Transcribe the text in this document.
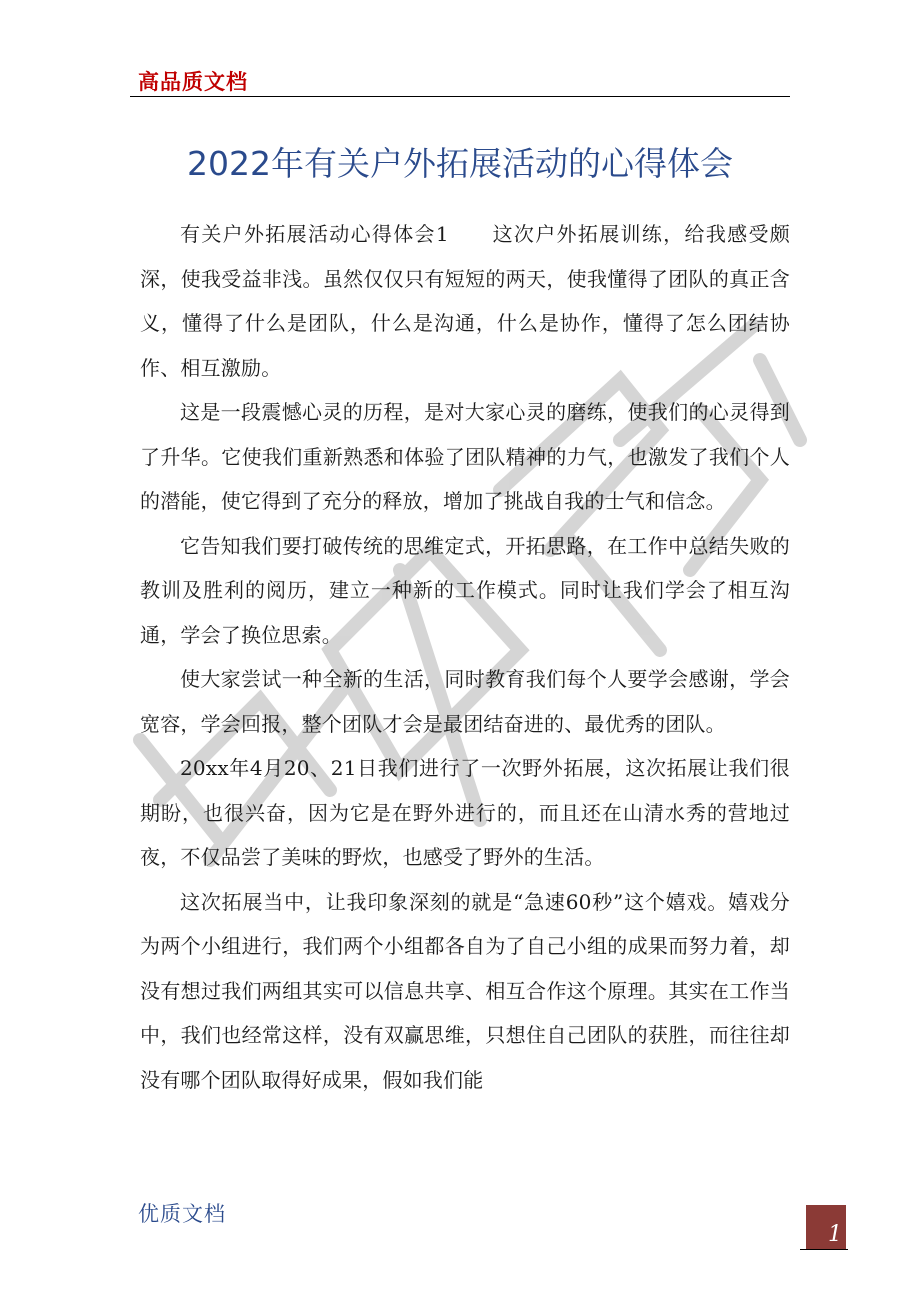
高品质文档
2022年有关户外拓展活动的心得体会

有关户外拓展活动心得体会1　　这次户外拓展训练，给我感受颇深，使我受益非浅。虽然仅仅只有短短的两天，使我懂得了团队的真正含义，懂得了什么是团队，什么是沟通，什么是协作，懂得了怎么团结协作、相互激励。

这是一段震憾心灵的历程，是对大家心灵的磨练，使我们的心灵得到了升华。它使我们重新熟悉和体验了团队精神的力气，也激发了我们个人的潜能，使它得到了充分的释放，增加了挑战自我的士气和信念。

它告知我们要打破传统的思维定式，开拓思路，在工作中总结失败的教训及胜利的阅历，建立一种新的工作模式。同时让我们学会了相互沟通，学会了换位思索。

使大家尝试一种全新的生活，同时教育我们每个人要学会感谢，学会宽容，学会回报，整个团队才会是最团结奋进的、最优秀的团队。

20xx年4月20、21日我们进行了一次野外拓展，这次拓展让我们很期盼，也很兴奋，因为它是在野外进行的，而且还在山清水秀的营地过夜，不仅品尝了美味的野炊，也感受了野外的生活。

这次拓展当中，让我印象深刻的就是“急速60秒”这个嬉戏。嬉戏分为两个小组进行，我们两个小组都各自为了自己小组的成果而努力着，却没有想过我们两组其实可以信息共享、相互合作这个原理。其实在工作当中，我们也经常这样，没有双赢思维，只想住自己团队的获胜，而往往却没有哪个团队取得好成果，假如我们能

优质文档
1
